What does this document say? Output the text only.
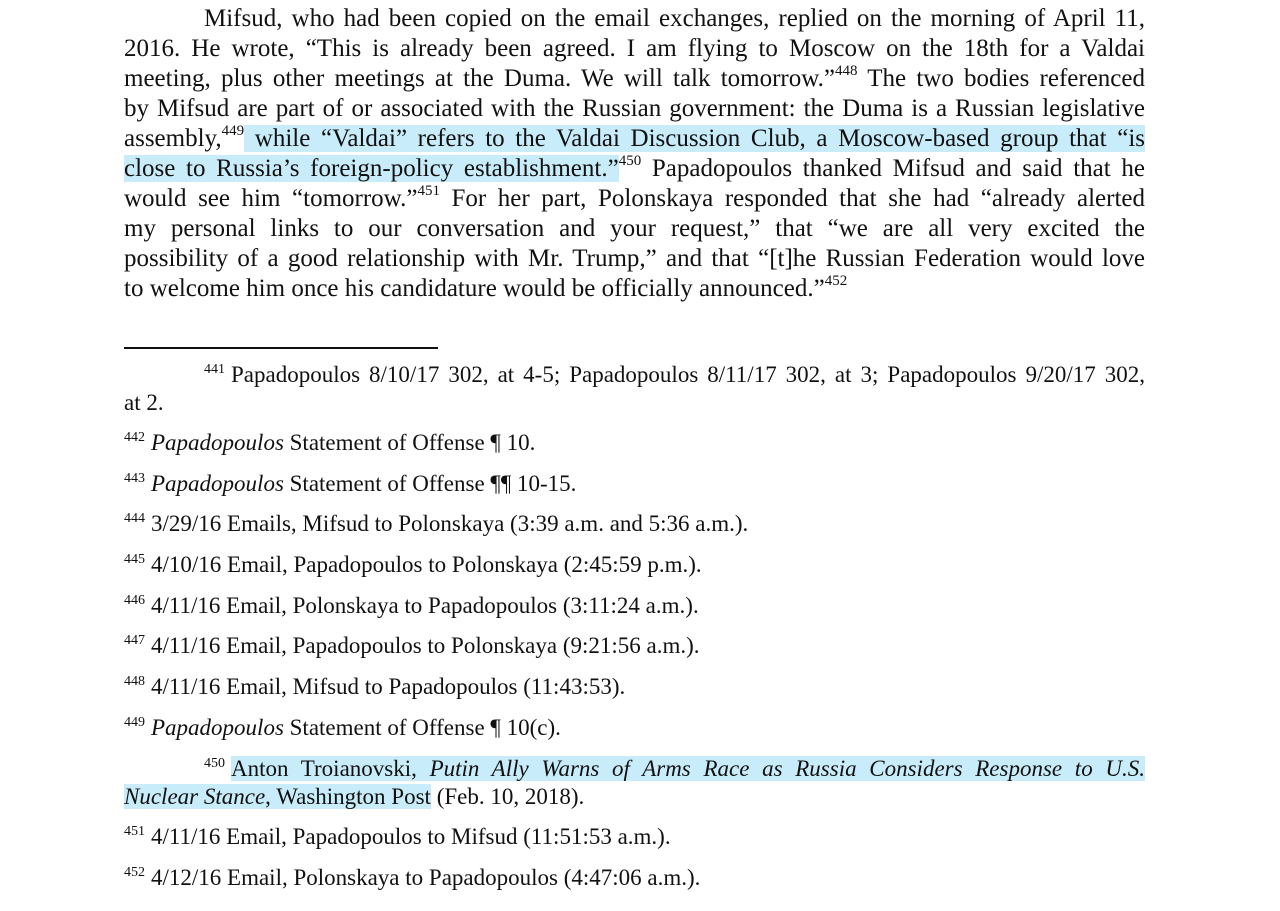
Mifsud, who had been copied on the email exchanges, replied on the morning of April 11,
2016. He wrote, “This is already been agreed. I am flying to Moscow on the 18th for a Valdai
meeting, plus other meetings at the Duma. We will talk tomorrow.”$^{448}$ The two bodies referenced
by Mifsud are part of or associated with the Russian government: the Duma is a Russian legislative
assembly,$^{449}$ while “Valdai” refers to the Valdai Discussion Club, a Moscow-based group that “is
close to Russia’s foreign-policy establishment.”$^{450}$ Papadopoulos thanked Mifsud and said that he
would see him “tomorrow.”$^{451}$ For her part, Polonskaya responded that she had “already alerted
my personal links to our conversation and your request,” that “we are all very excited the
possibility of a good relationship with Mr. Trump,” and that “[t]he Russian Federation would love
to welcome him once his candidature would be officially announced.”$^{452}$
$^{441}$ Papadopoulos 8/10/17 302, at 4-5; Papadopoulos 8/11/17 302, at 3; Papadopoulos 9/20/17 302,
at 2.
$^{442}$ Papadopoulos Statement of Offense ¶ 10.
$^{443}$ Papadopoulos Statement of Offense ¶¶ 10-15.
$^{444}$ 3/29/16 Emails, Mifsud to Polonskaya (3:39 a.m. and 5:36 a.m.).
$^{445}$ 4/10/16 Email, Papadopoulos to Polonskaya (2:45:59 p.m.).
$^{446}$ 4/11/16 Email, Polonskaya to Papadopoulos (3:11:24 a.m.).
$^{447}$ 4/11/16 Email, Papadopoulos to Polonskaya (9:21:56 a.m.).
$^{448}$ 4/11/16 Email, Mifsud to Papadopoulos (11:43:53).
$^{449}$ Papadopoulos Statement of Offense ¶ 10(c).
$^{450}$ Anton Troianovski, Putin Ally Warns of Arms Race as Russia Considers Response to U.S.
Nuclear Stance, Washington Post (Feb. 10, 2018).
$^{451}$ 4/11/16 Email, Papadopoulos to Mifsud (11:51:53 a.m.).
$^{452}$ 4/12/16 Email, Polonskaya to Papadopoulos (4:47:06 a.m.).
